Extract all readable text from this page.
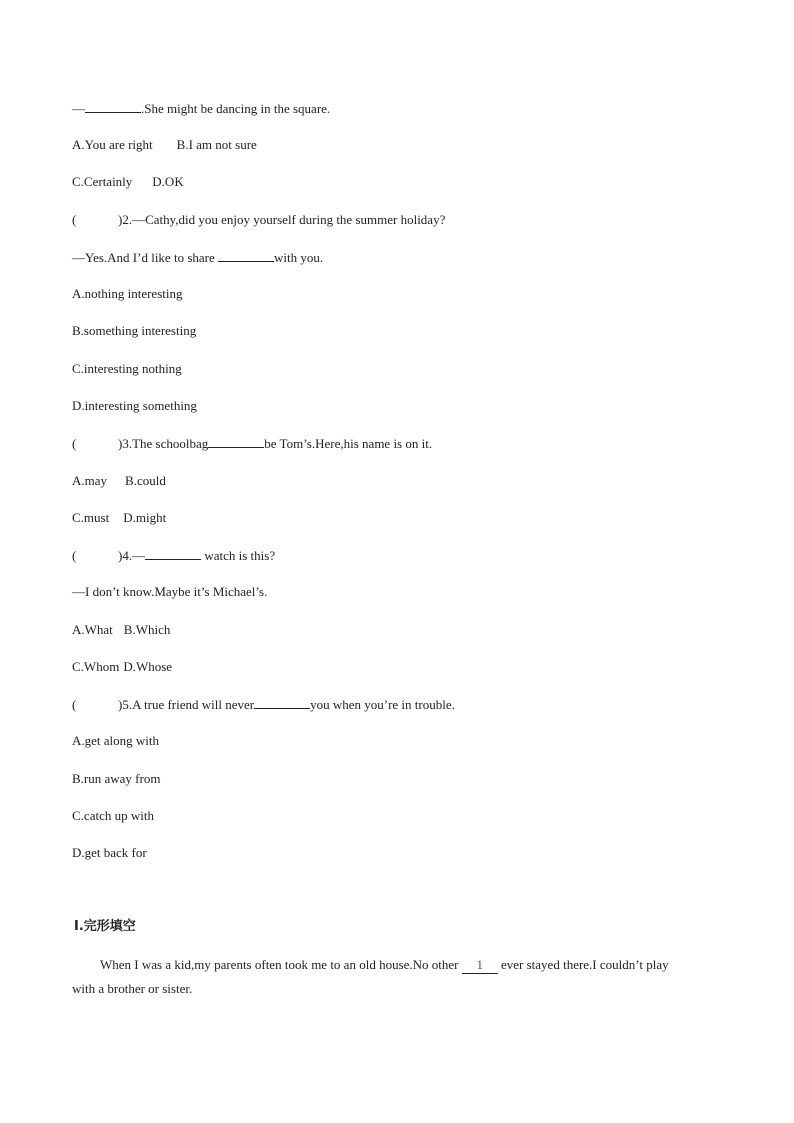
—	.She might be dancing in the square.
A.You are right B.I am not sure
C.Certainly D.OK
(	)2.—Cathy,did you enjoy yourself during the summer holiday?
—Yes.And I’d like to share	with you.
A.nothing interesting
B.something interesting
C.interesting nothing
D.interesting something
(	)3.The schoolbag	be Tom’s.Here,his name is on it.
A.may B.could
C.must D.might
(	)4.—	watch is this?
—I don’t know.Maybe it’s Michael’s.
A.What B.Which
C.Whom D.Whose
(	)5.A true friend will never	you when you’re in trouble.
A.get along with
B.run away from
C.catch up with
D.get back for
Ⅰ.完形填空
When I was a kid,my parents often took me to an old house.No other 1 ever stayed there.I couldn’t play
with a brother or sister.
